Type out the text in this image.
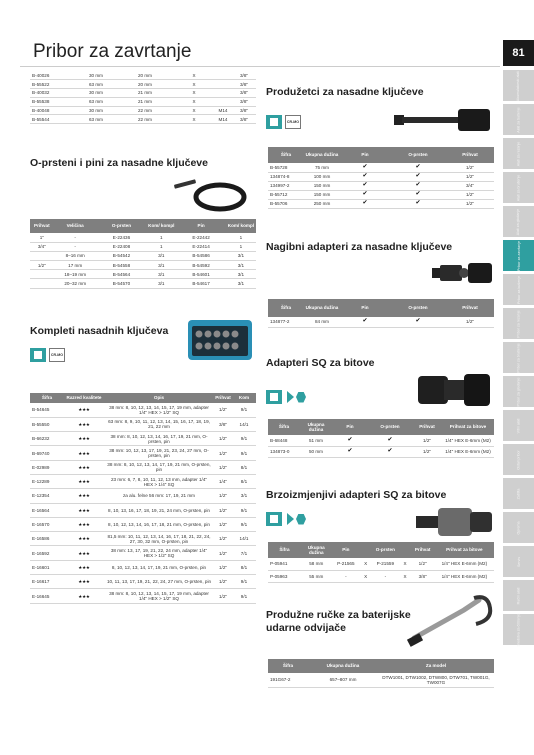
Pribor za zavrtanje	81
Akumulatorski alati
Alati za bušenje
Alati za rezanje
Alati za brušenje
Alati za glodanje
Pribor za zavrtanje
Pribor za bušenje
Pribor za rezanje
Pribor za brušenje
Pribor za glodanje
Vrtni alati
Ostali pribor
Zaštita
Oprema
Servis
Ručni alati
Sredstva za čišćenje
B-40026	30 mm	20 mm	X		3/8"
B-55522	63 mm	20 mm	X		3/8"
B-40032	30 mm	21 mm	X		3/8"
B-55538	63 mm	21 mm	X		3/8"
B-40048	30 mm	22 mm	X	M14	3/8"
B-55544	63 mm	22 mm	X	M14	3/8"
O-prsteni i pini za nasadne ključeve
Prihvat	Veličina	O-prsten	Kom/ kompl	Pin	Kom/ kompl
1"	-	E-22436	1	E-22442	1
3/4"	-	E-22408	1	E-22414	1
	8–16 mm	B-54542	3/1	B-54586	3/1
1/2"	17 mm	B-54558	3/1	B-54592	3/1
	18–19 mm	B-54564	3/1	B-54601	3/1
	20–32 mm	B-54570	3/1	B-54617	3/1
Kompleti nasadnih ključeva
CR-MO
Šifra	Razred kvalitete	Opis	Prihvat	Kom
B-54645	★★★	38 mm: 8, 10, 12, 13, 14, 15, 17, 19 mm, adapter 1/4" HEX > 1/2" SQ	1/2"	9/1
B-55550	★★★	63 mm: 8, 9, 10, 11, 12, 13, 14, 15, 16, 17, 18, 19, 21, 22 mm	3/8"	14/1
B-66232	★★★	38 mm: 8, 10, 12, 13, 14, 16, 17, 19, 21 mm, O-prsten, pin	1/2"	9/1
B-69740	★★★	38 mm: 10, 12, 13, 17, 19, 21, 23, 24, 27 mm, O-prsten, pin	1/2"	9/1
E-02989	★★★	38 mm: 8, 10, 12, 13, 14, 17, 19, 21 mm, O-prsten, pin	1/2"	8/1
E-12289	★★★	23 mm: 6, 7, 8, 10, 11, 12, 13 mm, adapter 1/4" HEX > 1/4" SQ	1/4"	8/1
E-12354	★★★	za alu. felne 56 mm: 17, 19, 21 mm	1/2"	3/1
E-16564	★★★	8, 10, 13, 16, 17, 18, 19, 21, 24 mm, O-prsten, pin	1/2"	9/1
E-16570	★★★	8, 10, 12, 13, 14, 16, 17, 18, 21 mm, O-prsten, pin	1/2"	9/1
E-16586	★★★	81,5 mm: 10, 11, 12, 13, 14, 16, 17, 18, 21, 22, 24, 27, 30, 32 mm, O-prsten, pin	1/2"	14/1
E-16592	★★★	38 mm: 13, 17, 19, 21, 22, 24 mm, adapter 1/4" HEX > 1/2" SQ	1/2"	7/1
E-16601	★★★	8, 10, 12, 13, 14, 17, 19, 21 mm, O-prsten, pin	1/2"	8/1
E-16617	★★★	10, 11, 13, 17, 19, 21, 22, 24, 27 mm, O-prsten, pin	1/2"	9/1
E-16645	★★★	38 mm: 8, 10, 12, 13, 14, 15, 17, 19 mm, adapter 1/4" HEX > 1/2" SQ	1/2"	9/1
Produžetci za nasadne ključeve
CR-MO
Šifra	Ukupna dužina	Pin	O-prsten	Prihvat
B-55728	75 mm	✔	✔	1/2"
134874-8	100 mm	✔	✔	1/2"
134997-2	150 mm	✔	✔	3/4"
B-55712	150 mm	✔	✔	1/2"
B-55706	250 mm	✔	✔	1/2"
Nagibni adapteri za nasadne ključeve
Šifra	Ukupna dužina	Pin	O-prsten	Prihvat
134877-2	84 mm	✔	✔	1/2"
Adapteri SQ za bitove
Šifra	Ukupna dužina	Pin	O-prsten	Prihvat	Prihvat za bitove
B-68448	51 mm	✔	✔	1/2"	1/4" HEX E-6mm (M2)
134873-0	50 mm	✔	✔	1/2"	1/4" HEX E-6mm (M2)
Brzoizmjenjivi adapteri SQ za bitove
Šifra	Ukupna dužina	Pin		O-prsten		Prihvat	Prihvat za bitove
P-05941	58 mm	P-21565	X	P-21559	X	1/2"	1/4" HEX E-6mm (M2)
P-05963	55 mm	-	X	-	X	3/8"	1/4" HEX E-6mm (M2)
Produžne ručke za baterijske udarne odvijače
Šifra	Ukupna dužina	Za model
191G67-2	657–807 mm	DTW1001, DTW1002, DTW800, DTW701, TW001G, TW007G
